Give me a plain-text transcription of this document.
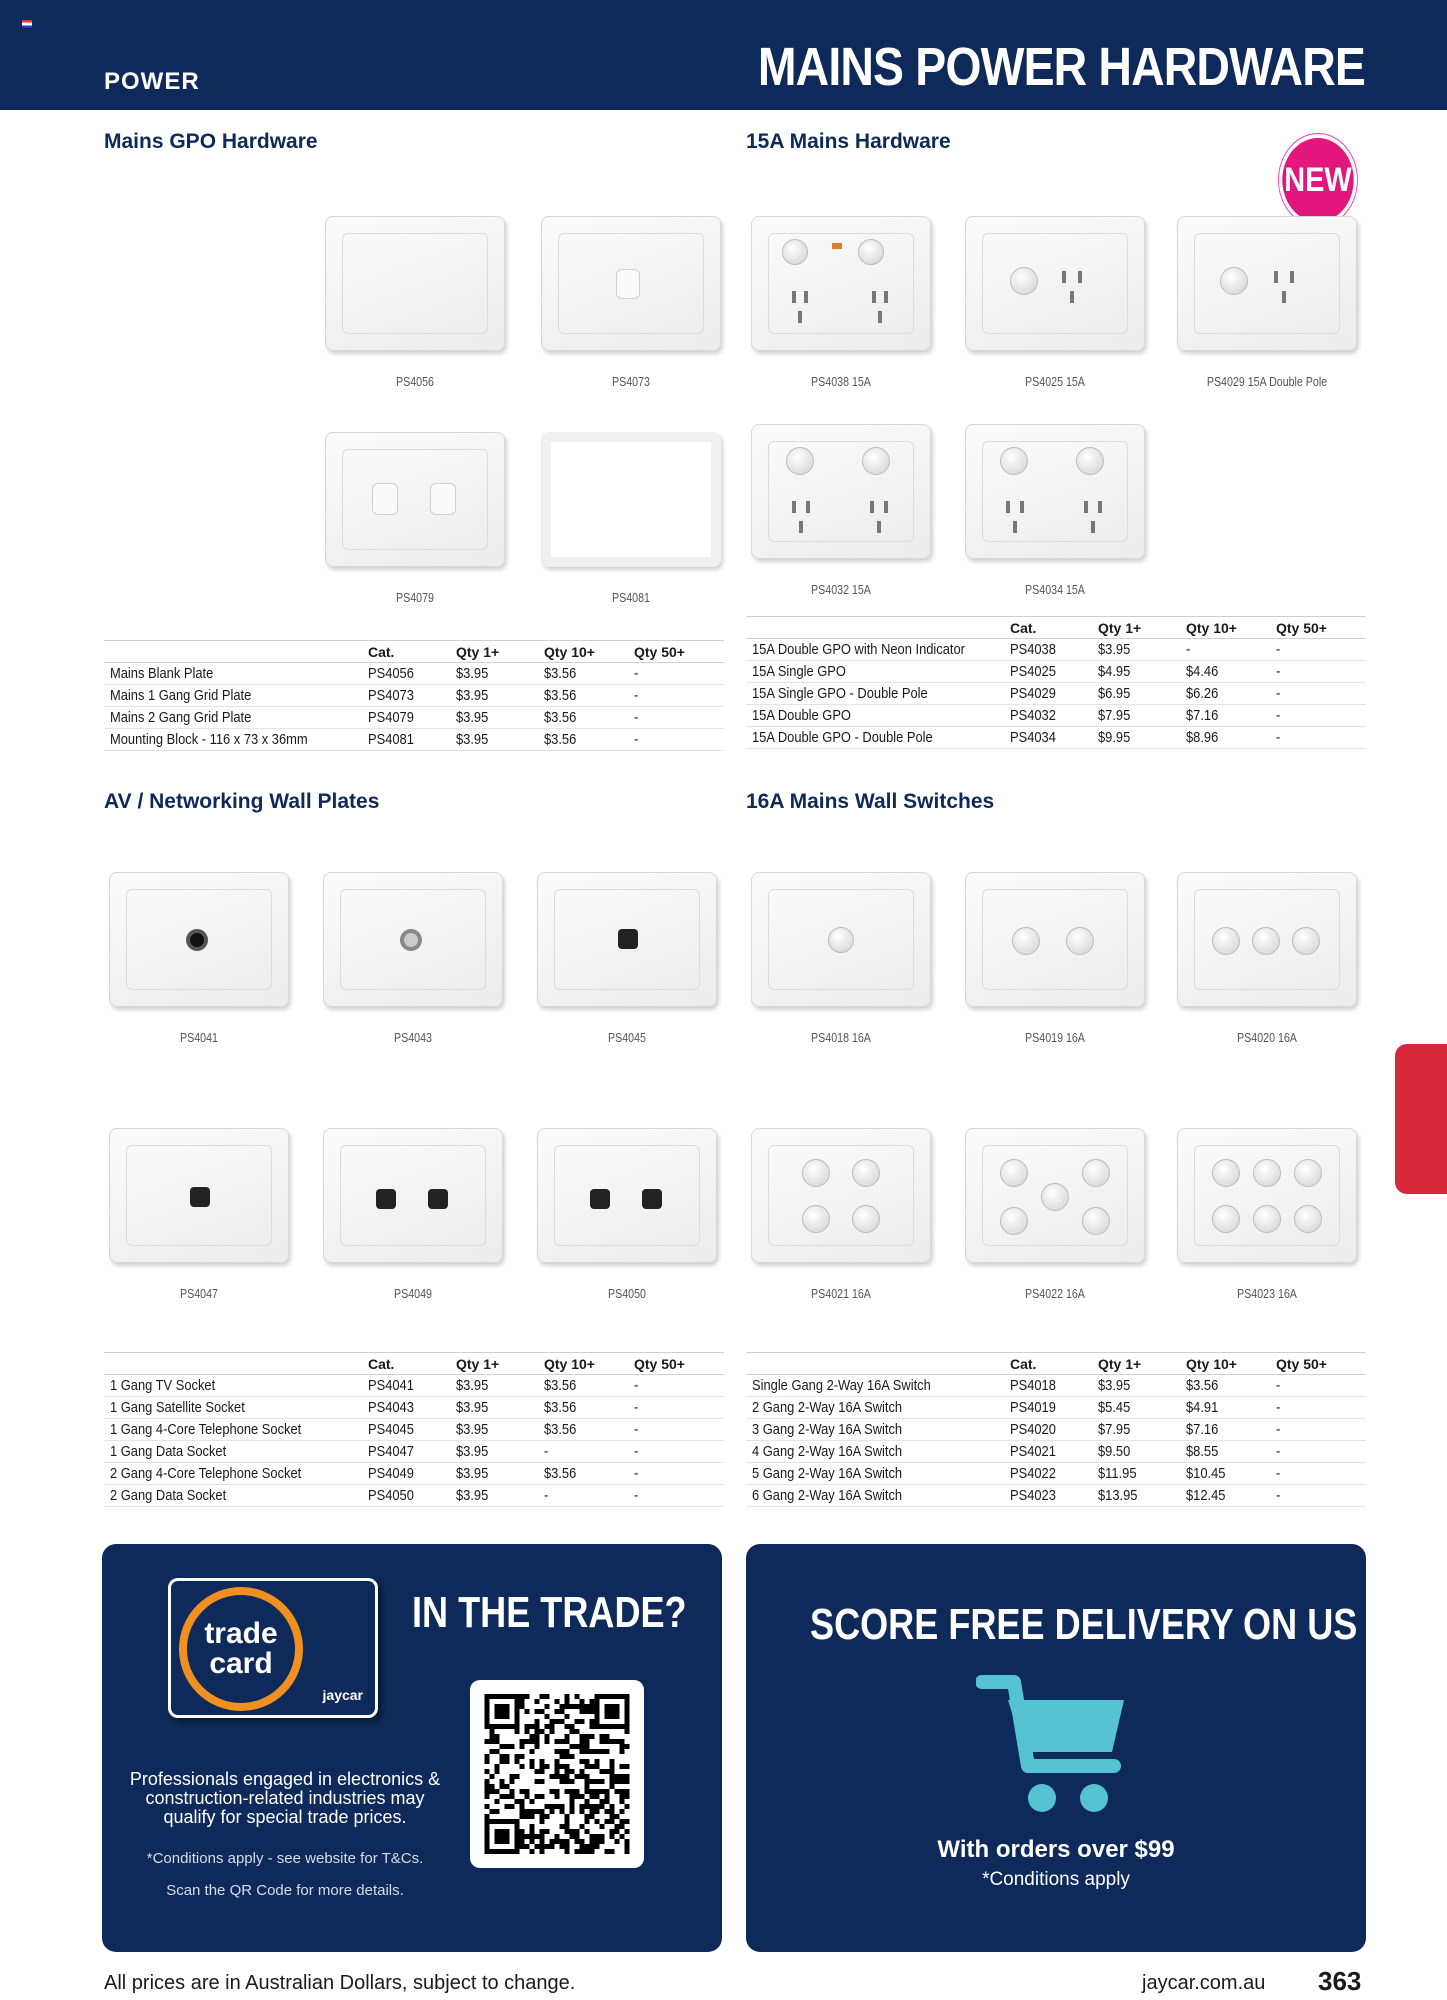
POWER	MAINS POWER HARDWARE
Mains GPO Hardware	15A Mains Hardware
NEW
AV / Networking Wall Plates	16A Mains Wall Switches
PS4056	PS4073
PS4079	PS4081
PS4038 15A	PS4025 15A	PS4029 15A Double Pole
PS4032 15A	PS4034 15A
	Cat.	Qty 1+	Qty 10+	Qty 50+
Mains Blank Plate	PS4056	$3.95	$3.56	-
Mains 1 Gang Grid Plate	PS4073	$3.95	$3.56	-
Mains 2 Gang Grid Plate	PS4079	$3.95	$3.56	-
Mounting Block - 116 x 73 x 36mm	PS4081	$3.95	$3.56	-
	Cat.	Qty 1+	Qty 10+	Qty 50+
15A Double GPO with Neon Indicator	PS4038	$3.95	-	-
15A Single GPO	PS4025	$4.95	$4.46	-
15A Single GPO - Double Pole	PS4029	$6.95	$6.26	-
15A Double GPO	PS4032	$7.95	$7.16	-
15A Double GPO - Double Pole	PS4034	$9.95	$8.96	-
PS4041	PS4043	PS4045
PS4047	PS4049	PS4050
PS4018 16A	PS4019 16A	PS4020 16A
PS4021 16A	PS4022 16A	PS4023 16A
	Cat.	Qty 1+	Qty 10+	Qty 50+
1 Gang TV Socket	PS4041	$3.95	$3.56	-
1 Gang Satellite Socket	PS4043	$3.95	$3.56	-
1 Gang 4-Core Telephone Socket	PS4045	$3.95	$3.56	-
1 Gang Data Socket	PS4047	$3.95	-	-
2 Gang 4-Core Telephone Socket	PS4049	$3.95	$3.56	-
2 Gang Data Socket	PS4050	$3.95	-	-
	Cat.	Qty 1+	Qty 10+	Qty 50+
Single Gang 2-Way 16A Switch	PS4018	$3.95	$3.56	-
2 Gang 2-Way 16A Switch	PS4019	$5.45	$4.91	-
3 Gang 2-Way 16A Switch	PS4020	$7.95	$7.16	-
4 Gang 2-Way 16A Switch	PS4021	$9.50	$8.55	-
5 Gang 2-Way 16A Switch	PS4022	$11.95	$10.45	-
6 Gang 2-Way 16A Switch	PS4023	$13.95	$12.45	-
trade
card
jaycar
IN THE TRADE?
Professionals engaged in electronics & construction-related industries may qualify for special trade prices.
*Conditions apply - see website for T&Cs.
Scan the QR Code for more details.
SCORE FREE DELIVERY ON US
With orders over $99
*Conditions apply
All prices are in Australian Dollars, subject to change.	jaycar.com.au 363
